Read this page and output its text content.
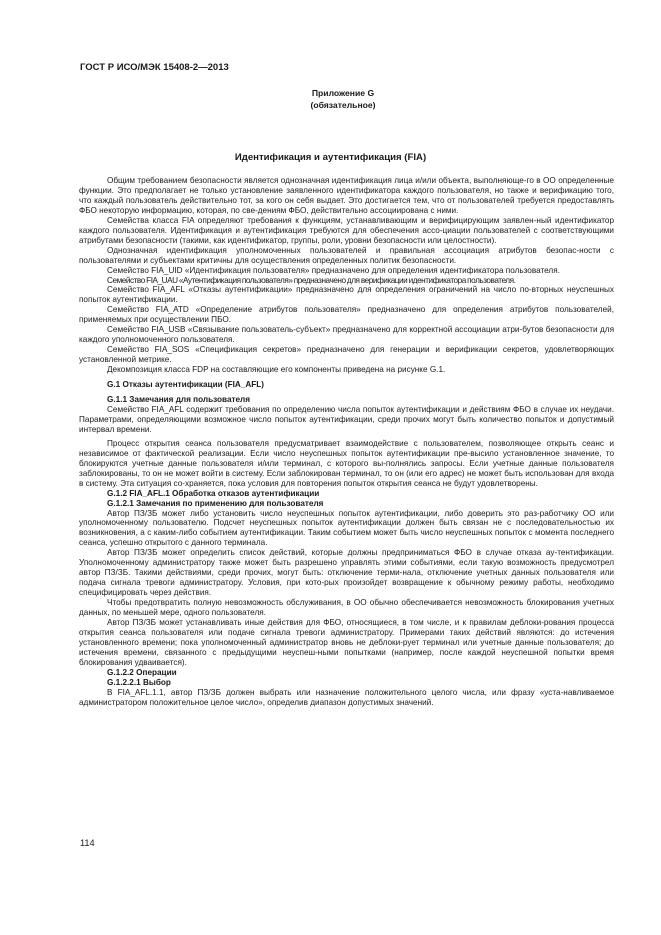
ГОСТ Р ИСО/МЭК 15408-2—2013
Приложение G
(обязательное)
Идентификация и аутентификация (FIA)

Общим требованием безопасности является однозначная идентификация лица и/или объекта, выполняюще-го в ОО определенные функции. Это предполагает не только установление заявленного идентификатора каждого пользователя, но также и верификацию того, что каждый пользователь действительно тот, за кого он себя выдает. Это достигается тем, что от пользователей требуется предоставлять ФБО некоторую информацию, которая, по све-дениям ФБО, действительно ассоциирована с ними.

Семейства класса FIA определяют требования к функциям, устанавливающим и верифицирующим заявлен-ный идентификатор каждого пользователя. Идентификация и аутентификация требуются для обеспечения ассо-циации пользователей с соответствующими атрибутами безопасности (такими, как идентификатор, группы, роли, уровни безопасности или целостности).

Однозначная идентификация уполномоченных пользователей и правильная ассоциация атрибутов безопас-ности с пользователями и субъектами критичны для осуществления определенных политик безопасности.

Семейство FIA_UID «Идентификация пользователя» предназначено для определения идентификатора пользователя.

Семейство FIA_UAU «Аутентификация пользователя» предназначено для верификации идентификатора пользователя.

Семейство FIA_AFL «Отказы аутентификации» предназначено для определения ограничений на число по-вторных неуспешных попыток аутентификации.

Семейство FIA_ATD «Определение атрибутов пользователя» предназначено для определения атрибутов пользователей, применяемых при осуществлении ПБО.

Семейство FIA_USB «Связывание пользователь-субъект» предназначено для корректной ассоциации атри-бутов безопасности для каждого уполномоченного пользователя.

Семейство FIA_SOS «Спецификация секретов» предназначено для генерации и верификации секретов, удовлетворяющих установленной метрике.

Декомпозиция класса FDP на составляющие его компоненты приведена на рисунке G.1.

G.1 Отказы аутентификации (FIA_AFL)

G.1.1 Замечания для пользователя

Семейство FIA_AFL содержит требования по определению числа попыток аутентификации и действиям ФБО в случае их неудачи. Параметрами, определяющими возможное число попыток аутентификации, среди прочих могут быть количество попыток и допустимый интервал времени.

Процесс открытия сеанса пользователя предусматривает взаимодействие с пользователем, позволяющее открыть сеанс и независимое от фактической реализации. Если число неуспешных попыток аутентификации пре-высило установленное значение, то блокируются учетные данные пользователя и/или терминал, с которого вы-полнялись запросы. Если учетные данные пользователя заблокированы, то он не может войти в систему. Если заблокирован терминал, то он (или его адрес) не может быть использован для входа в систему. Эта ситуация со-храняется, пока условия для повторения попыток открытия сеанса не будут удовлетворены.

G.1.2 FIA_AFL.1 Обработка отказов аутентификации

G.1.2.1 Замечания по применению для пользователя

Автор ПЗ/ЗБ может либо установить число неуспешных попыток аутентификации, либо доверить это раз-работчику ОО или уполномоченному пользователю. Подсчет неуспешных попыток аутентификации должен быть связан не с последовательностью их возникновения, а с каким-либо событием аутентификации. Таким событием может быть число неуспешных попыток с момента последнего сеанса, успешно открытого с данного терминала.

Автор ПЗ/ЗБ может определить список действий, которые должны предприниматься ФБО в случае отказа ау-тентификации. Уполномоченному администратору также может быть разрешено управлять этими событиями, если такую возможность предусмотрел автор ПЗ/ЗБ. Такими действиями, среди прочих, могут быть: отключение терми-нала, отключение учетных данных пользователя или подача сигнала тревоги администратору. Условия, при кото-рых произойдет возвращение к обычному режиму работы, необходимо специфицировать через действия.

Чтобы предотвратить полную невозможность обслуживания, в ОО обычно обеспечивается невозможность блокирования учетных данных, по меньшей мере, одного пользователя.

Автор ПЗ/ЗБ может устанавливать иные действия для ФБО, относящиеся, в том числе, и к правилам деблоки-рования процесса открытия сеанса пользователя или подаче сигнала тревоги администратору. Примерами таких действий являются: до истечения установленного времени; пока уполномоченный администратор вновь не деблоки-рует терминал или учетные данные пользователя; до истечения времени, связанного с предыдущими неуспеш-ными попытками (например, после каждой неуспешной попытки время блокирования удваивается).

G.1.2.2 Операции

G.1.2.2.1 Выбор

В FIA_AFL.1.1, автор ПЗ/ЗБ должен выбрать или назначение положительного целого числа, или фразу «уста-навливаемое администратором положительное целое число», определив диапазон допустимых значений.

114
